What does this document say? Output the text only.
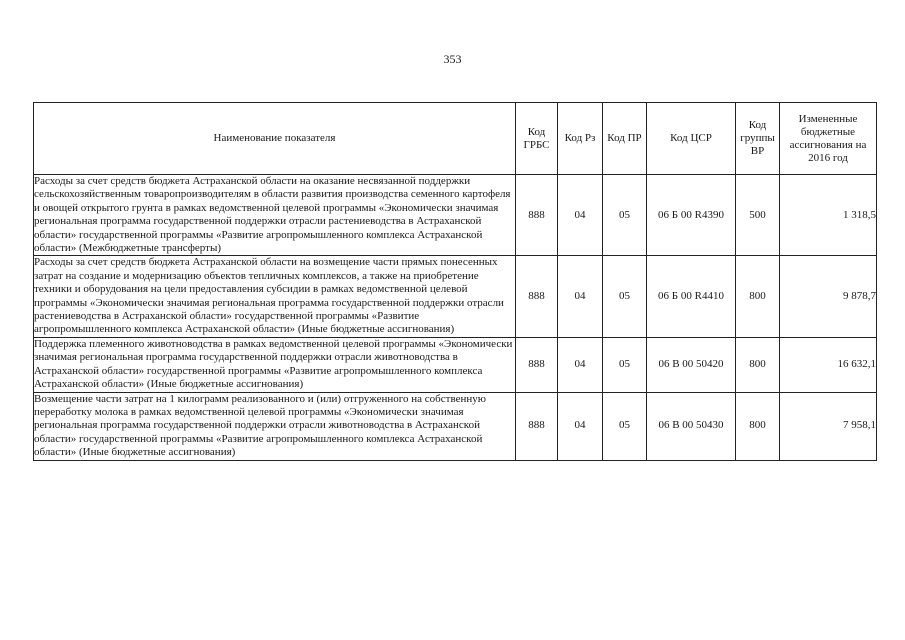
353
Наименование показателя	Код ГРБС	Код Рз	Код ПР	Код ЦСР	Код группы ВР	Измененные бюджетные ассигнования на 2016 год
Расходы за счет средств бюджета Астраханской области на оказание несвязанной поддержки сельскохозяйственным товаропроизводителям в области развития производства семенного картофеля и овощей открытого грунта в рамках ведомственной целевой программы «Экономически значимая региональная программа государственной поддержки отрасли растениеводства в Астраханской области» государственной программы «Развитие агропромышленного комплекса Астраханской области» (Межбюджетные трансферты)	888	04	05	06 Б 00 R4390	500	1 318,5
Расходы за счет средств бюджета Астраханской области на возмещение части прямых понесенных затрат на создание и модернизацию объектов тепличных комплексов, а также на приобретение техники и оборудования на цели предоставления субсидии в рамках ведомственной целевой программы «Экономически значимая региональная программа государственной поддержки отрасли растениеводства в Астраханской области» государственной программы «Развитие агропромышленного комплекса Астраханской области» (Иные бюджетные ассигнования)	888	04	05	06 Б 00 R4410	800	9 878,7
Поддержка племенного животноводства в рамках ведомственной целевой программы «Экономически значимая региональная программа государственной поддержки отрасли животноводства в Астраханской области» государственной программы «Развитие агропромышленного комплекса Астраханской области» (Иные бюджетные ассигнования)	888	04	05	06 В 00 50420	800	16 632,1
Возмещение части затрат на 1 килограмм реализованного и (или) отгруженного на собственную переработку молока в рамках ведомственной целевой программы «Экономически значимая региональная программа государственной поддержки отрасли животноводства в Астраханской области» государственной программы «Развитие агропромышленного комплекса Астраханской области» (Иные бюджетные ассигнования)	888	04	05	06 В 00 50430	800	7 958,1
